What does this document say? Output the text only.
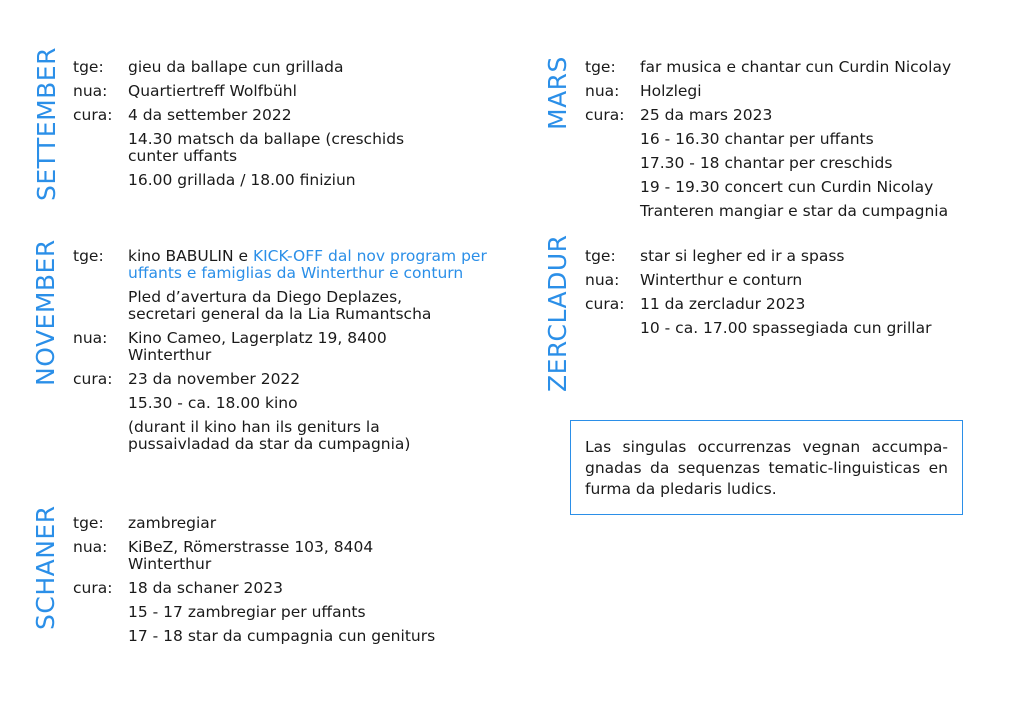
SETTEMBER tge:	gieu da ballape cun grillada
nua:	Quartiertreff Wolfbühl
cura:	4 da settember 2022
14.30 matsch da ballape (creschids cunter uffants
16.00 grillada / 18.00 finiziun
NOVEMBER tge:	kino BABULIN e KICK-OFF dal nov program per uffants e famiglias da Winterthur e conturn
Pled d’avertura da Diego Deplazes, secretari general da la Lia Rumantscha
nua:	Kino Cameo, Lagerplatz 19, 8400 Winterthur
cura:	23 da november 2022
15.30 - ca. 18.00 kino
(durant il kino han ils geniturs la pussaivladad da star da cumpagnia)
SCHANER tge:	zambregiar
nua:	KiBeZ, Römerstrasse 103, 8404 Winterthur
cura:	18 da schaner 2023
15 - 17 zambregiar per uffants
17 - 18 star da cumpagnia cun geniturs
MARS tge:	far musica e chantar cun Curdin Nicolay
nua:	Holzlegi
cura:	25 da mars 2023
16 - 16.30 chantar per uffants
17.30 - 18 chantar per creschids
19 - 19.30 concert cun Curdin Nicolay
Tranteren mangiar e star da cumpagnia
ZERCLADUR tge:	star si legher ed ir a spass
nua:	Winterthur e conturn
cura:	11 da zercladur 2023
10 - ca. 17.00 spassegiada cun grillar
Las singulas occurrenzas vegnan accumpagnadas da sequenzas tematic-linguisticas en furma da pledaris ludics.
